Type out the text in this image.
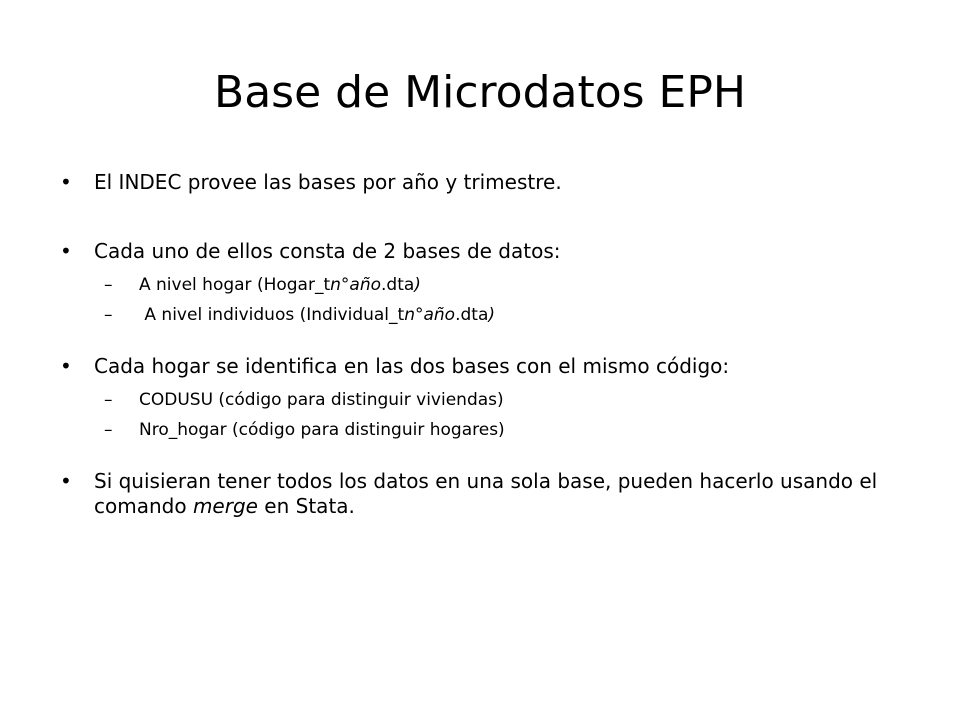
Base de Microdatos EPH
• El INDEC provee las bases por año y trimestre.
• Cada uno de ellos consta de 2 bases de datos:
– A nivel hogar (Hogar_tn°año.dta)
– A nivel individuos (Individual_tn°año.dta)
• Cada hogar se identifica en las dos bases con el mismo código:
– CODUSU (código para distinguir viviendas)
– Nro_hogar (código para distinguir hogares)
• Si quisieran tener todos los datos en una sola base, pueden hacerlo usando el comando merge en Stata.
